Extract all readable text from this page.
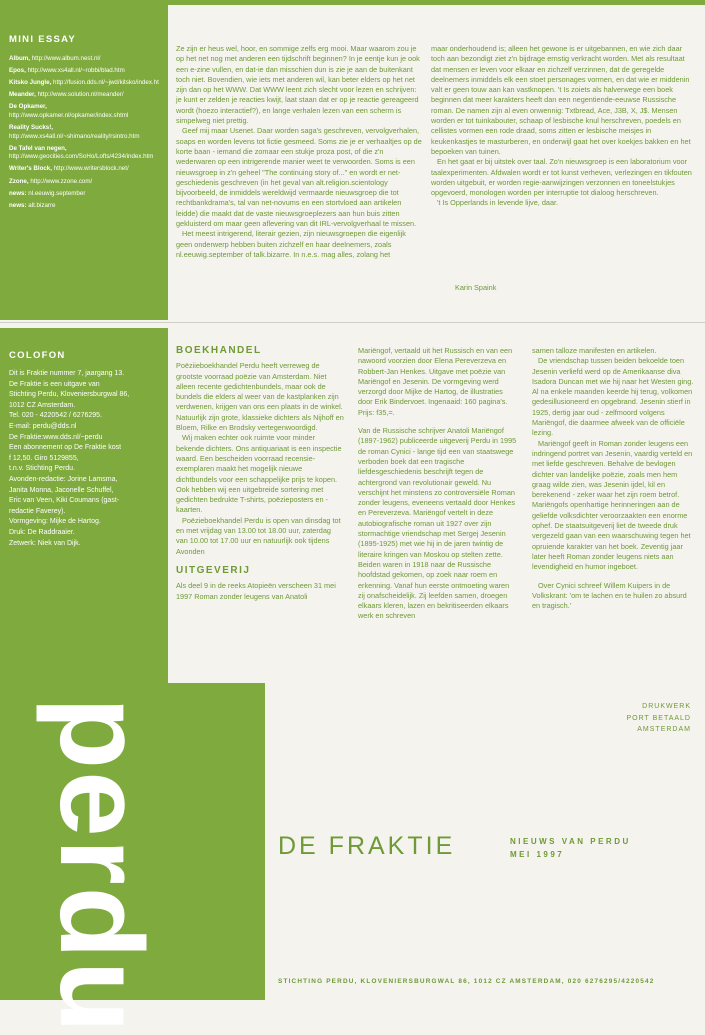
MINI ESSAY
Album, http://www.album.nest.nl/
Epos, http://www.xs4all.nl/~robbi/blad.htm
Kitsko Jungle, http://fusion.dds.nl/~jwd/kitsko/index.ht
Meander, http://www.solution.nl/meander/
De Opkamer, http://www.opkamer.nl/opkamer/index.shtml
Reality Sucks!, http://www.xs4all.nl/~shimano/reality/rsintro.htm
De Tafel van negen, http://www.geocities.com/SoHo/Lofts/4234/index.htm
Writer's Block, http://www.writersblock.net/
Zzone, http://www.zzone.com/
news: nl.eeuwig.september
news: alt.bizarre
COLOFON
Dit is Fraktie nummer 7, jaargang 13.
De Fraktie is een uitgave van
Stichting Perdu, Kloveniersburgwal 86,
1012 CZ Amsterdam.
Tel. 020 - 4220542 / 6276295.
E-mail: perdu@dds.nl
De Fraktie:www.dds.nl/~perdu
Een abonnement op De Fraktie kost
f 12,50. Giro 5129855,
t.n.v. Stichting Perdu.
Avonden-redactie: Jorine Lamsma,
Janita Monna, Jaconelle Schuffel,
Eric van Veen, Kiki Coumans (gast-
redactie Faverey).
Vormgeving: Mijke de Hartog.
Druk: De Raddraaier.
Zetwerk: Niek van Dijk.
perdu

Ze zijn er heus wel, hoor, en sommige zelfs erg mooi. Maar waarom zou je op het net nog met anderen een tijdschrift beginnen? In je eentje kun je ook een e-zine vullen, en dat-ie dan misschien dun is zie je aan de buitenkant toch niet. Bovendien, wie iets met anderen wil, kan beter elders op het net zijn dan op het WWW. Dat WWW leent zich slecht voor lezen en schrijven: je kunt er zelden je reacties kwijt, laat staan dat er op je reactie gereageerd wordt (hoezo interactief?), en lange verhalen lezen van een scherm is simpelweg niet prettig.

Geef mij maar Usenet. Daar worden saga's geschreven, vervolgverhalen, soaps en worden levens tot fictie gesmeed. Soms zie je er verhaaltjes op de korte baan - iemand die zomaar een stukje proza post, of die z'n wederwaren op een intrigerende manier weet te verwoorden. Soms is een nieuwsgroep in z'n geheel "The continuing story of..." en wordt er net-geschiedenis geschreven (in het geval van alt.religion.scientology bijvoorbeeld, de inmiddels wereldwijd vermaarde nieuwsgroep die tot rechtbankdrama's, tal van net-novums en een stortvloed aan artikelen leidde) die maakt dat de vaste nieuwsgroeplezers aan hun buis zitten gekluisterd om maar geen aflevering van dit IRL-vervolgverhaal te missen.

Het meest intrigerend, literair gezien, zijn nieuwsgroepen die eigenlijk geen onderwerp hebben buiten zichzelf en haar deelnemers, zoals nl.eeuwig.september of talk.bizarre. In n.e.s. mag alles, zolang het

maar onderhoudend is; alleen het gewone is er uitgebannen, en wie zich daar toch aan bezondigt ziet z'n bijdrage ernstig verkracht worden. Met als resultaat dat mensen er leven voor elkaar en zichzelf verzinnen, dat de geregelde deelnemers inmiddels elk een stoet personages vormen, en dat wie er middenin valt er geen touw aan kan vastknopen. 't Is zoiets als halverwege een boek beginnen dat meer karakters heeft dan een negentiende-eeuwse Russische roman. De namen zijn al even onwennig: Txtbread, Ace, J3B, X, J$. Mensen worden er tot tuinkabouter, schaap of lesbische knul herschreven, poedels en cellistes vormen een rode draad, soms zitten er lesbische meisjes in keukenkastjes te masturberen, en onderwijl gaat het over koekjes bakken en het bepoeken van tuinen.

En het gaat er bij uitstek over taal. Zo'n nieuwsgroep is een laboratorium voor taalexperimenten. Afdwalen wordt er tot kunst verheven, verlezingen en tikfouten worden uitgebuit, er worden regie-aanwijzingen verzonnen en toneelstukjes opgevoerd, monologen worden per interruptie tot dialoog herschreven.

't Is Opperlands in levende lijve, daar.

Karin Spaink
BOEKHANDEL

Poëziieboekhandel Perdu heeft verreweg de grootste voorraad poëzie van Amsterdam. Niet alleen recente gedichtenbundels, maar ook de bundels die elders al weer van de kastplanken zijn verdwenen, krijgen van ons een plaats in de winkel. Natuurlijk zijn grote, klassieke dichters als Nijhoff en Bloem, Rilke en Brodsky vertegenwoordigd.

Wij maken echter ook ruimte voor minder bekende dichters. Ons antiquariaat is een inspectie waard. Een bescheiden voorraad recensie-exemplaren maakt het mogelijk nieuwe dichtbundels voor een schappelijke prijs te kopen. Ook hebben wij een uitgebreide sortering met gedichten bedrukte T-shirts, poëzieposters en -kaarten.

Poëzieboekhandel Perdu is open van dinsdag tot en met vrijdag van 13.00 tot 18.00 uur, zaterdag van 10.00 tot 17.00 uur en natuurlijk ook tijdens Avonden

UITGEVERIJ

Als deel 9 in de reeks Atopieën verscheen 31 mei 1997 Roman zonder leugens van Anatoli

Mariëngof, vertaald uit het Russisch en van een nawoord voorzien door Elena Pereverzeva en Robbert-Jan Henkes. Uitgave met poëzie van Mariëngof en Jesenin. De vormgeving werd verzorgd door Mijke de Hartog, de illustraties door Erik Bindervoet. Ingenaaid: 160 pagina's. Prijs: f35,=.

Van de Russische schrijver Anatoli Mariëngof (1897-1962) publiceerde uitgeverij Perdu in 1995 de roman Cynici - lange tijd een van staatswege verboden boek dat een tragische liefdesgeschiedenis beschrijft tegen de achtergrond van revolutionair geweld. Nu verschijnt het minstens zo controversiële Roman zonder leugens, eveneens vertaald door Henkes en Pereverzeva. Mariëngof vertelt in deze autobiografische roman uit 1927 over zijn stormachtige vriendschap met Sergej Jesenin (1895-1925) met wie hij in de jaren twintig de literaire kringen van Moskou op stelten zette. Beiden waren in 1918 naar de Russische hoofdstad gekomen, op zoek naar roem en erkenning. Vanaf hun eerste ontmoeting waren zij onafscheidelijk. Zij leefden samen, droegen elkaars kleren, lazen en bekritiseerden elkaars werk en schreven

samen talloze manifesten en artikelen.

De vriendschap tussen beiden bekoelde toen Jesenin verliefd werd op de Amerikaanse diva Isadora Duncan met wie hij naar het Westen ging. Al na enkele maanden keerde hij terug, volkomen gedesillusioneerd en opgebrand. Jesenin stierf in 1925, dertig jaar oud - zelfmoord volgens Mariëngof, die daarmee afweek van de officiële lezing.

Mariëngof geeft in Roman zonder leugens een indringend portret van Jesenin, vaardig verteld en met liefde geschreven. Behalve de bevlogen dichter van landelijke poëzie, zoals men hem graag wilde zien, was Jesenin ijdel, kil en berekenend - zeker waar het zijn roem betrof. Mariëngofs openhartige herinneringen aan de geliefde volksdichter veroorzaakten een enorme ophef. De staatsuitgeverij liet de tweede druk vergezeld gaan van een waarschuwing tegen het opruiende karakter van het boek. Zeventig jaar later heeft Roman zonder leugens niets aan levendigheid en humor ingeboet.

Over Cynici schreef Willem Kuipers in de Volkskrant: 'om te lachen en te huilen zo absurd en tragisch.'

DRUKWERK
PORT BETAALD
AMSTERDAM
DE FRAKTIE	NIEUWS VAN PERDU
MEI 1997
STICHTING PERDU, KLOVENIERSBURGWAL 86, 1012 CZ AMSTERDAM, 020 6276295/4220542
